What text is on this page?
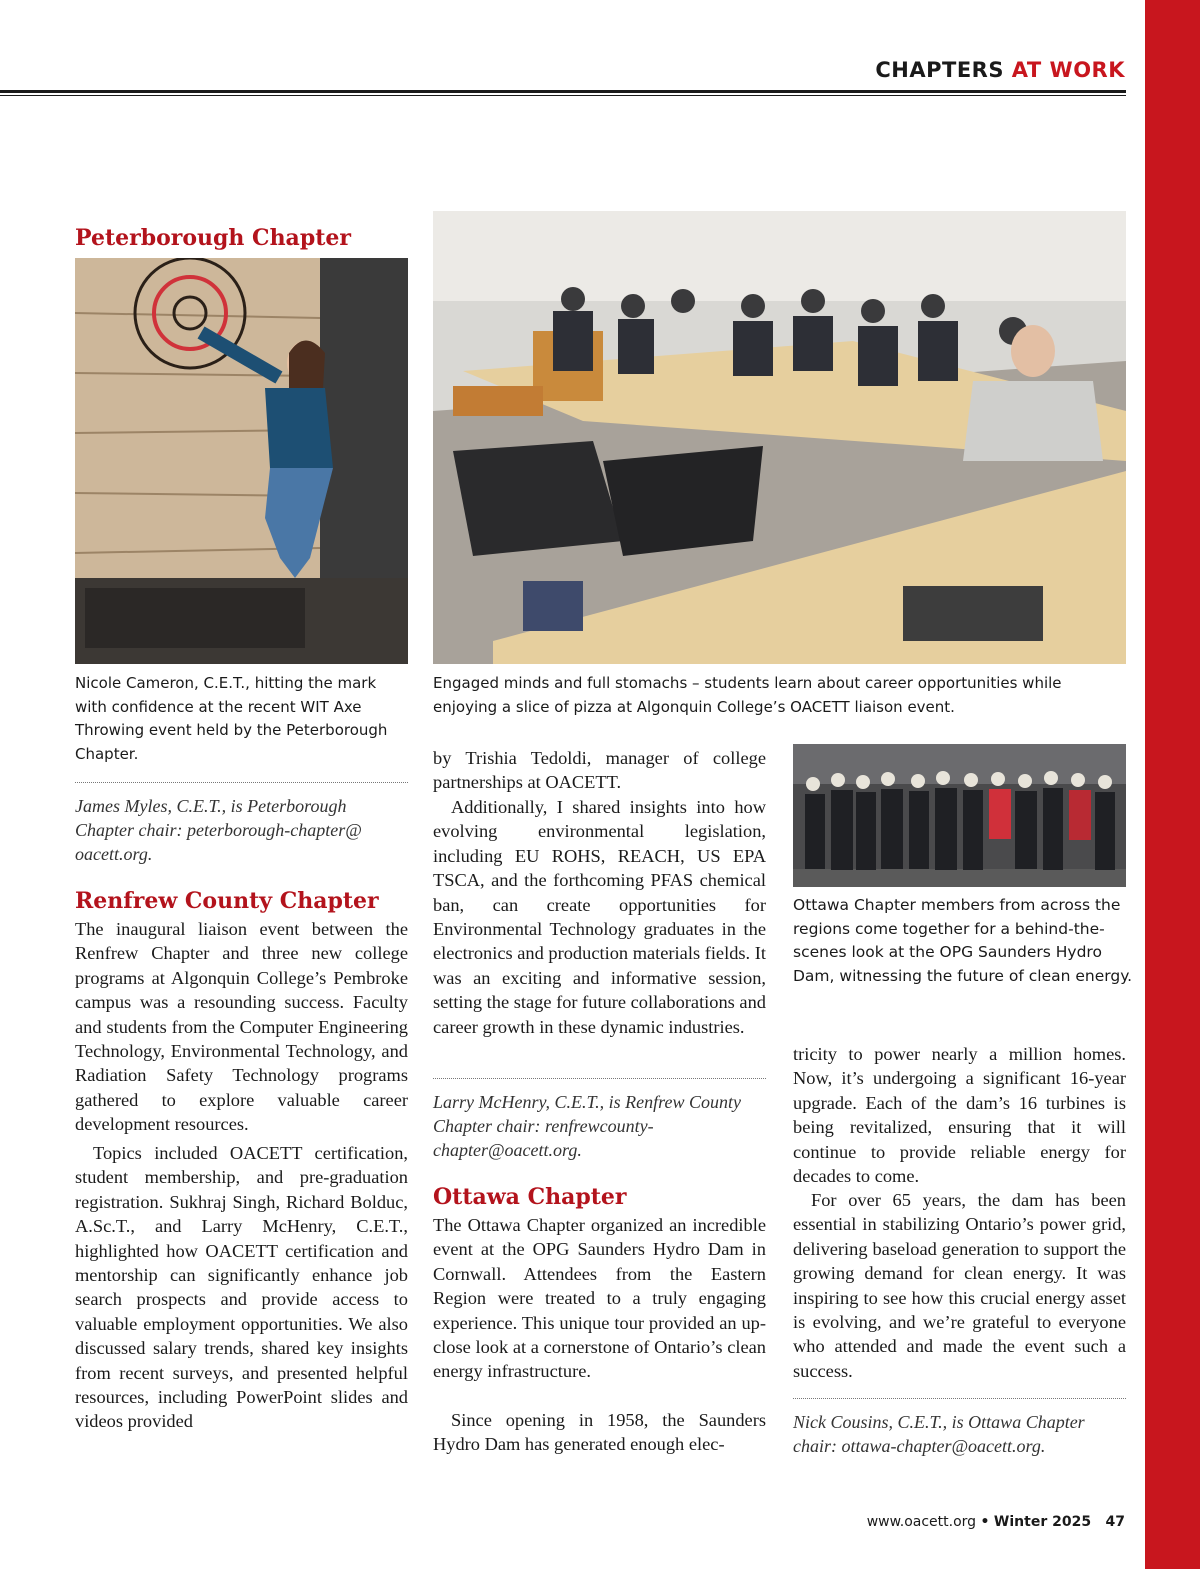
CHAPTERS AT WORK
Peterborough Chapter

Nicole Cameron, C.E.T., hitting the mark with confidence at the recent WIT Axe Throwing event held by the Peterborough Chapter.

James Myles, C.E.T., is Peterborough Chapter chair: peterborough-chapter@ oacett.org.

Renfrew County Chapter

The inaugural liaison event between the Renfrew Chapter and three new college programs at Algonquin College’s Pembroke campus was a resounding success. Faculty and students from the Computer Engineering Technology, Environmental Technology, and Radiation Safety Technology programs gathered to explore valuable career development resources.

Topics included OACETT certification, student membership, and pre-graduation registration. Sukhraj Singh, Richard Bolduc, A.Sc.T., and Larry McHenry, C.E.T., highlighted how OACETT certification and mentorship can significantly enhance job search prospects and provide access to valuable employment opportunities. We also discussed salary trends, shared key insights from recent surveys, and presented helpful resources, including PowerPoint slides and videos provided

Engaged minds and full stomachs – students learn about career opportunities while enjoying a slice of pizza at Algonquin College’s OACETT liaison event.

by Trishia Tedoldi, manager of college partnerships at OACETT.

Additionally, I shared insights into how evolving environmental legislation, including EU ROHS, REACH, US EPA TSCA, and the forthcoming PFAS chemical ban, can create opportunities for Environmental Technology graduates in the electronics and production materials fields. It was an exciting and informative session, setting the stage for future collaborations and career growth in these dynamic industries.

Larry McHenry, C.E.T., is Renfrew County Chapter chair: renfrewcounty-chapter@oacett.org.

Ottawa Chapter

The Ottawa Chapter organized an incredible event at the OPG Saunders Hydro Dam in Cornwall. Attendees from the Eastern Region were treated to a truly engaging experience. This unique tour provided an up-close look at a cornerstone of Ontario’s clean energy infrastructure.

Since opening in 1958, the Saunders Hydro Dam has generated enough elec-

Ottawa Chapter members from across the regions come together for a behind-the-scenes look at the OPG Saunders Hydro Dam, witnessing the future of clean energy.

tricity to power nearly a million homes. Now, it’s undergoing a significant 16-year upgrade. Each of the dam’s 16 turbines is being revitalized, ensuring that it will continue to provide reliable energy for decades to come.

For over 65 years, the dam has been essential in stabilizing Ontario’s power grid, delivering baseload generation to support the growing demand for clean energy. It was inspiring to see how this crucial energy asset is evolving, and we’re grateful to everyone who attended and made the event such a success.

Nick Cousins, C.E.T., is Ottawa Chapter chair: ottawa-chapter@oacett.org.

www.oacett.org • Winter 2025 47
